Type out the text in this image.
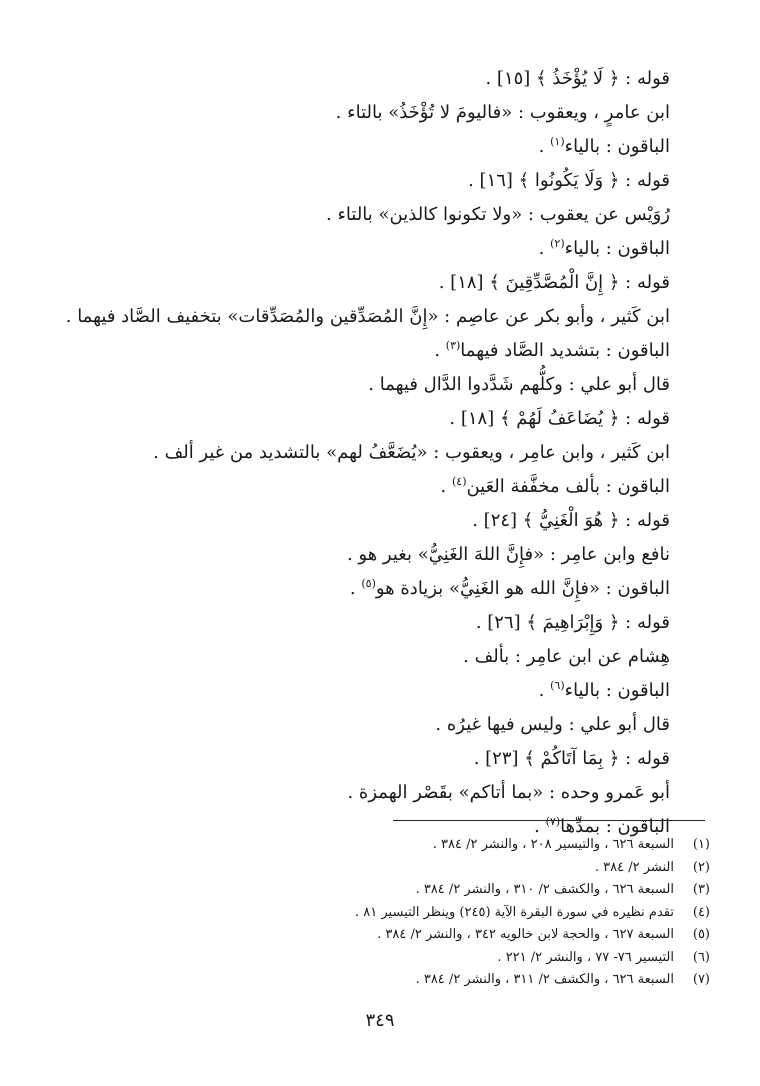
قوله : ﴿ لَا يُؤْخَذُ ﴾ [١٥] .
ابن عامرٍ ، ويعقوب : «فاليومَ لا تُؤْخَذُ» بالتاء .
الباقون : بالياء$^{(١)}$ .
قوله : ﴿ وَلَا يَكُونُوا ﴾ [١٦] .
رُوَيْس عن يعقوب : «ولا تكونوا كالذين» بالتاء .
الباقون : بالياء$^{(٢)}$ .
قوله : ﴿ إِنَّ الْمُصَّدِّقِينَ ﴾ [١٨] .
ابن كَثير ، وأبو بكر عن عاصِم : «إِنَّ المُصَدِّقين والمُصَدِّقات» بتخفيف الصَّاد فيهما .
الباقون : بتشديد الصَّاد فيهما$^{(٣)}$ .
قال أبو علي : وكلُّهم شَدَّدوا الدَّال فيهما .
قوله : ﴿ يُضَاعَفُ لَهُمْ ﴾ [١٨] .
ابن كَثير ، وابن عامِر ، ويعقوب : «يُضَعَّفُ لهم» بالتشديد من غير ألف .
الباقون : بألف مخفَّفة العَين$^{(٤)}$ .
قوله : ﴿ هُوَ الْغَنِيُّ ﴾ [٢٤] .
نافع وابن عامِر : «فإِنَّ اللهَ الغَنِيُّ» بغير هو .
الباقون : «فإِنَّ الله هو الغَنِيُّ» بزيادة هو$^{(٥)}$ .
قوله : ﴿ وَإِبْرَاهِيمَ ﴾ [٢٦] .
هِشام عن ابن عامِر : بألف .
الباقون : بالياء$^{(٦)}$ .
قال أبو علي : وليس فيها غيرُه .
قوله : ﴿ بِمَا آتَاكُمْ ﴾ [٢٣] .
أبو عَمرو وحده : «بما أتاكم» بقَصْر الهمزة .
الباقون : بمدِّها$^{(٧)}$ .
(١)
السبعة ٦٢٦ ، والتيسير ٢٠٨ ، والنشر ٢/ ٣٨٤ .
(٢)
النشر ٢/ ٣٨٤ .
(٣)
السبعة ٦٢٦ ، والكشف ٢/ ٣١٠ ، والنشر ٢/ ٣٨٤ .
(٤)
تقدم نظيره في سورة البقرة الآية (٢٤٥) وينظر التيسير ٨١ .
(٥)
السبعة ٦٢٧ ، والحجة لابن خالويه ٣٤٢ ، والنشر ٢/ ٣٨٤ .
(٦)
التيسير ٧٦- ٧٧ ، والنشر ٢/ ٢٢١ .
(٧)
السبعة ٦٢٦ ، والكشف ٢/ ٣١١ ، والنشر ٢/ ٣٨٤ .
٣٤٩
